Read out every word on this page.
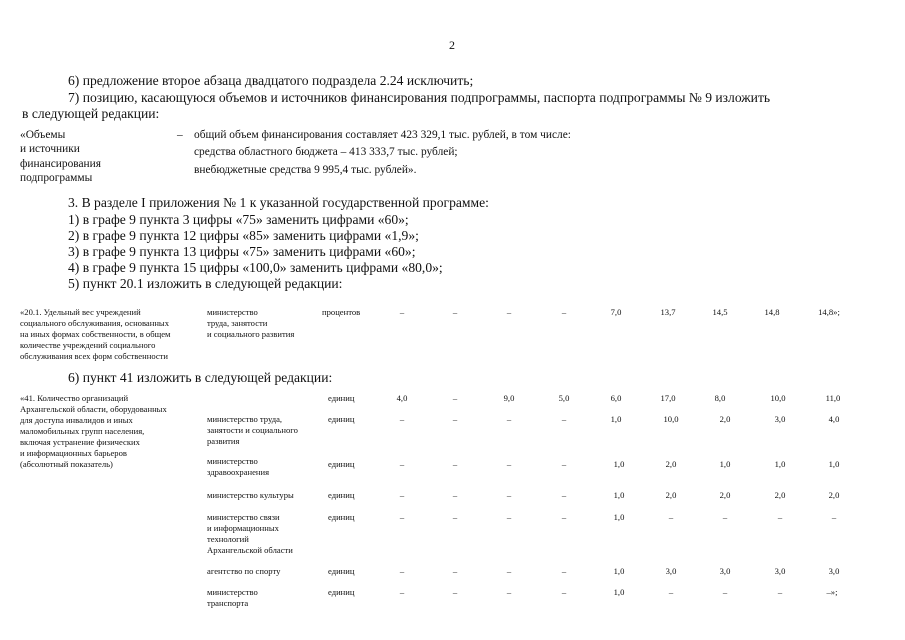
2
6) предложение второе абзаца двадцатого подраздела 2.24 исключить;
7) позицию, касающуюся объемов и источников финансирования подпрограммы, паспорта подпрограммы № 9 изложить
в следующей редакции:
«Объемы
и источники
финансирования
подпрограммы
– общий объем финансирования составляет 423 329,1 тыс. рублей, в том числе:
средства областного бюджета – 413 333,7 тыс. рублей;
внебюджетные средства 9 995,4 тыс. рублей».
3. В разделе I приложения № 1 к указанной государственной программе:
1) в графе 9 пункта 3 цифры «75» заменить цифрами «60»;
2) в графе 9 пункта 12 цифры «85» заменить цифрами «1,9»;
3) в графе 9 пункта 13 цифры «75» заменить цифрами «60»;
4) в графе 9 пункта 15 цифры «100,0» заменить цифрами «80,0»;
5) пункт 20.1 изложить в следующей редакции:
«20.1. Удельный вес учреждений
социального обслуживания, основанных
на иных формах собственности, в общем
количестве учреждений социального
обслуживания всех форм собственности
министерство
труда, занятости
и социального развития
процентов	–	–	–	–	7,0	13,7	14,5	14,8	14,8»;
6) пункт 41 изложить в следующей редакции:
«41. Количество организаций
Архангельской области, оборудованных
для доступа инвалидов и иных
маломобильных групп населения,
включая устранение физических
и информационных барьеров
(абсолютный показатель)
единиц	4,0	–	9,0	5,0	6,0	17,0	8,0	10,0	11,0
министерство труда,
занятости и социального
развития
единиц	–	–	–	–	1,0	10,0	2,0	3,0	4,0
министерство
здравоохранения
единиц	–	–	–	–	1,0	2,0	1,0	1,0	1,0
министерство культуры	единиц	–	–	–	–	1,0	2,0	2,0	2,0	2,0
министерство связи
и информационных
технологий
Архангельской области
единиц	–	–	–	–	1,0	–	–	–	–
агентство по спорту	единиц	–	–	–	–	1,0	3,0	3,0	3,0	3,0
министерство
транспорта
единиц	–	–	–	–	1,0	–	–	–	–»;
